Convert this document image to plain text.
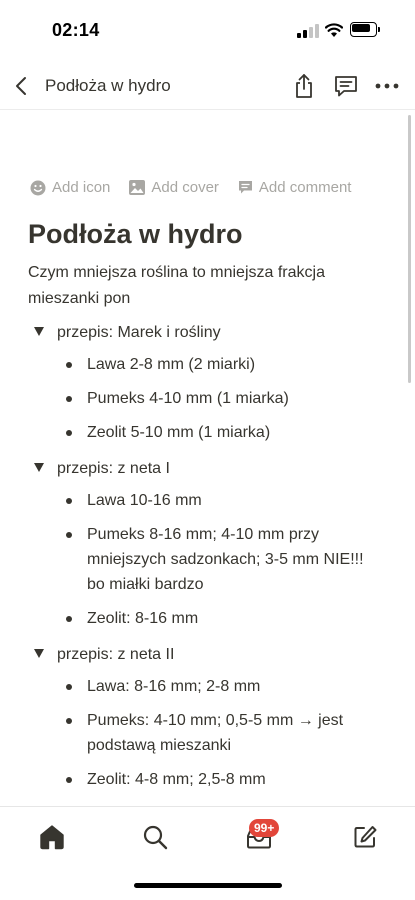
02:14
Podłoża w hydro
Add icon	Add cover	Add comment
Podłoża w hydro
Czym mniejsza roślina to mniejsza frakcja mieszanki pon
przepis: Marek i rośliny
Lawa 2-8 mm (2 miarki)
Pumeks 4-10 mm (1 miarka)
Zeolit 5-10 mm (1 miarka)
przepis: z neta I
Lawa 10-16 mm
Pumeks 8-16 mm; 4-10 mm przy mniejszych sadzonkach; 3-5 mm NIE!!! bo miałki bardzo
Zeolit: 8-16 mm
przepis: z neta II
Lawa: 8-16 mm; 2-8 mm
Pumeks: 4-10 mm; 0,5-5 mm → jest podstawą mieszanki
Zeolit: 4-8 mm; 2,5-8 mm
99+
